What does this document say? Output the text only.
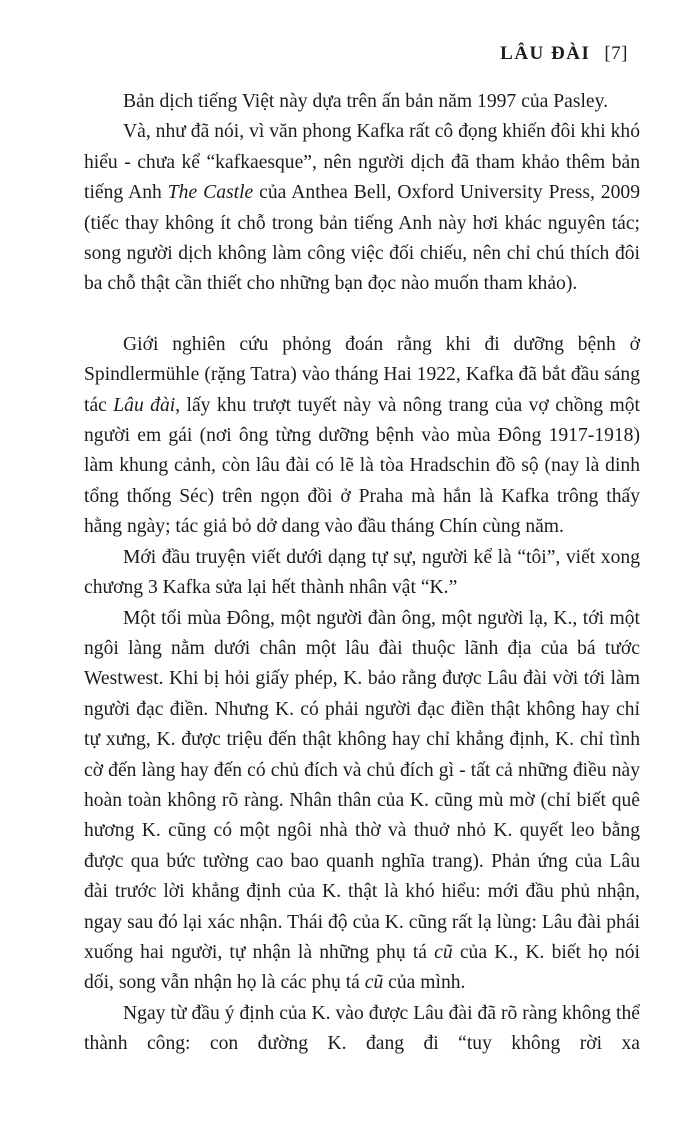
LÂU ĐÀI [7]

Bản dịch tiếng Việt này dựa trên ấn bản năm 1997 của Pasley.

Và, như đã nói, vì văn phong Kafka rất cô đọng khiến đôi khi khó hiểu - chưa kể “kafkaesque”, nên người dịch đã tham khảo thêm bản tiếng Anh The Castle của Anthea Bell, Oxford University Press, 2009 (tiếc thay không ít chỗ trong bản tiếng Anh này hơi khác nguyên tác; song người dịch không làm công việc đối chiếu, nên chỉ chú thích đôi ba chỗ thật cần thiết cho những bạn đọc nào muốn tham khảo).

Giới nghiên cứu phỏng đoán rằng khi đi dưỡng bệnh ở Spindlermühle (rặng Tatra) vào tháng Hai 1922, Kafka đã bắt đầu sáng tác Lâu đài, lấy khu trượt tuyết này và nông trang của vợ chồng một người em gái (nơi ông từng dưỡng bệnh vào mùa Đông 1917-1918) làm khung cảnh, còn lâu đài có lẽ là tòa Hradschin đồ sộ (nay là dinh tổng thống Séc) trên ngọn đồi ở Praha mà hắn là Kafka trông thấy hằng ngày; tác giả bỏ dở dang vào đầu tháng Chín cùng năm.

Mới đầu truyện viết dưới dạng tự sự, người kể là “tôi”, viết xong chương 3 Kafka sửa lại hết thành nhân vật “K.”

Một tối mùa Đông, một người đàn ông, một người lạ, K., tới một ngôi làng nằm dưới chân một lâu đài thuộc lãnh địa của bá tước Westwest. Khi bị hỏi giấy phép, K. bảo rằng được Lâu đài vời tới làm người đạc điền. Nhưng K. có phải người đạc điền thật không hay chỉ tự xưng, K. được triệu đến thật không hay chỉ khẳng định, K. chỉ tình cờ đến làng hay đến có chủ đích và chủ đích gì - tất cả những điều này hoàn toàn không rõ ràng. Nhân thân của K. cũng mù mờ (chỉ biết quê hương K. cũng có một ngôi nhà thờ và thuở nhỏ K. quyết leo bằng được qua bức tường cao bao quanh nghĩa trang). Phản ứng của Lâu đài trước lời khẳng định của K. thật là khó hiểu: mới đầu phủ nhận, ngay sau đó lại xác nhận. Thái độ của K. cũng rất lạ lùng: Lâu đài phái xuống hai người, tự nhận là những phụ tá cũ của K., K. biết họ nói dối, song vẫn nhận họ là các phụ tá cũ của mình.

Ngay từ đầu ý định của K. vào được Lâu đài đã rõ ràng không thể thành công: con đường K. đang đi “tuy không rời xa
